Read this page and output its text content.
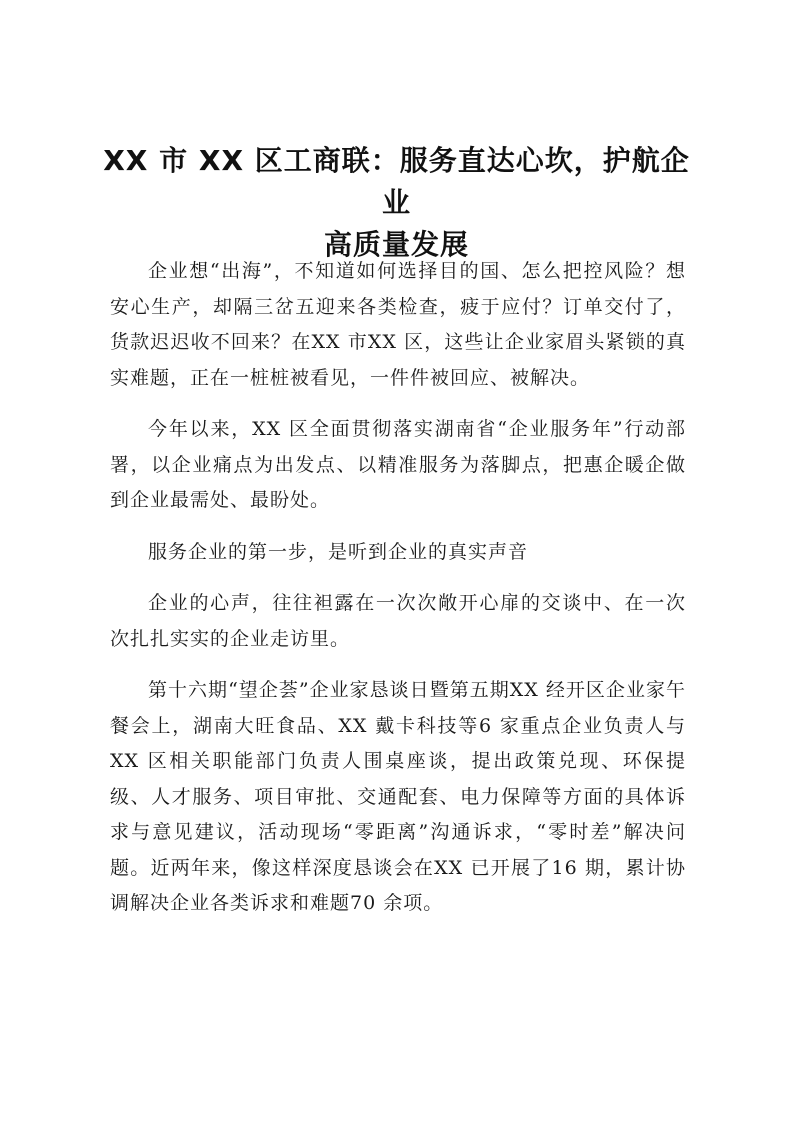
XX 市 XX 区工商联：服务直达心坎，护航企业
高质量发展

企业想“出海”，不知道如何选择目的国、怎么把控风险？想安心生产，却隔三岔五迎来各类检查，疲于应付？订单交付了，货款迟迟收不回来？在XX 市XX 区，这些让企业家眉头紧锁的真实难题，正在一桩桩被看见，一件件被回应、被解决。

今年以来，XX 区全面贯彻落实湖南省“企业服务年”行动部署，以企业痛点为出发点、以精准服务为落脚点，把惠企暖企做到企业最需处、最盼处。

服务企业的第一步，是听到企业的真实声音

企业的心声，往往袒露在一次次敞开心扉的交谈中、在一次次扎扎实实的企业走访里。

第十六期“望企荟”企业家恳谈日暨第五期XX 经开区企业家午餐会上，湖南大旺食品、XX 戴卡科技等6 家重点企业负责人与XX 区相关职能部门负责人围桌座谈，提出政策兑现、环保提级、人才服务、项目审批、交通配套、电力保障等方面的具体诉求与意见建议，活动现场“零距离”沟通诉求，“零时差”解决问题。近两年来，像这样深度恳谈会在XX 已开展了16 期，累计协调解决企业各类诉求和难题70 余项。
